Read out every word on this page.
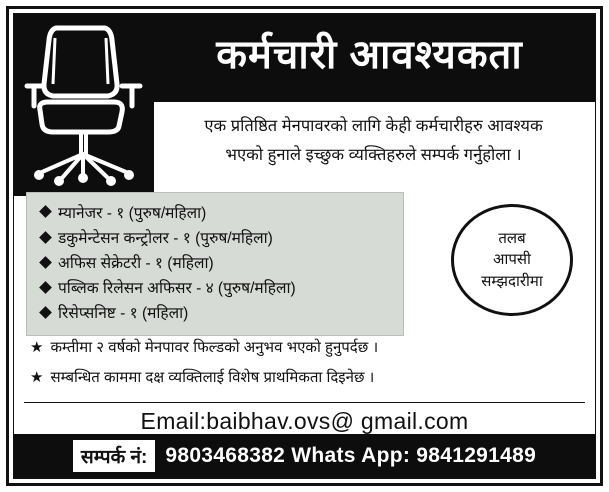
कर्मचारी आवश्यकता
एक प्रतिष्ठित मेनपावरको लागि केही कर्मचारीहरु आवश्यक
भएको हुनाले इच्छुक व्यक्तिहरुले सम्पर्क गर्नुहोला ।
म्यानेजर - १ (पुरुष/महिला)
डकुमेन्टेसन कन्ट्रोलर - १ (पुरुष/महिला)
अफिस सेक्रेटरी - १ (महिला)
पब्लिक रिलेसन अफिसर - ४ (पुरुष/महिला)
रिसेप्सनिष्ट - १ (महिला)
तलब
आपसी
सम्झदारीमा
★ कम्तीमा २ वर्षको मेनपावर फिल्डको अनुभव भएको हुनुपर्दछ ।
★ सम्बन्धित काममा दक्ष व्यक्तिलाई विशेष प्राथमिकता दिइनेछ ।
Email:baibhav.ovs@ gmail.com
सम्पर्क नं: 9803468382 Whats App: 9841291489
